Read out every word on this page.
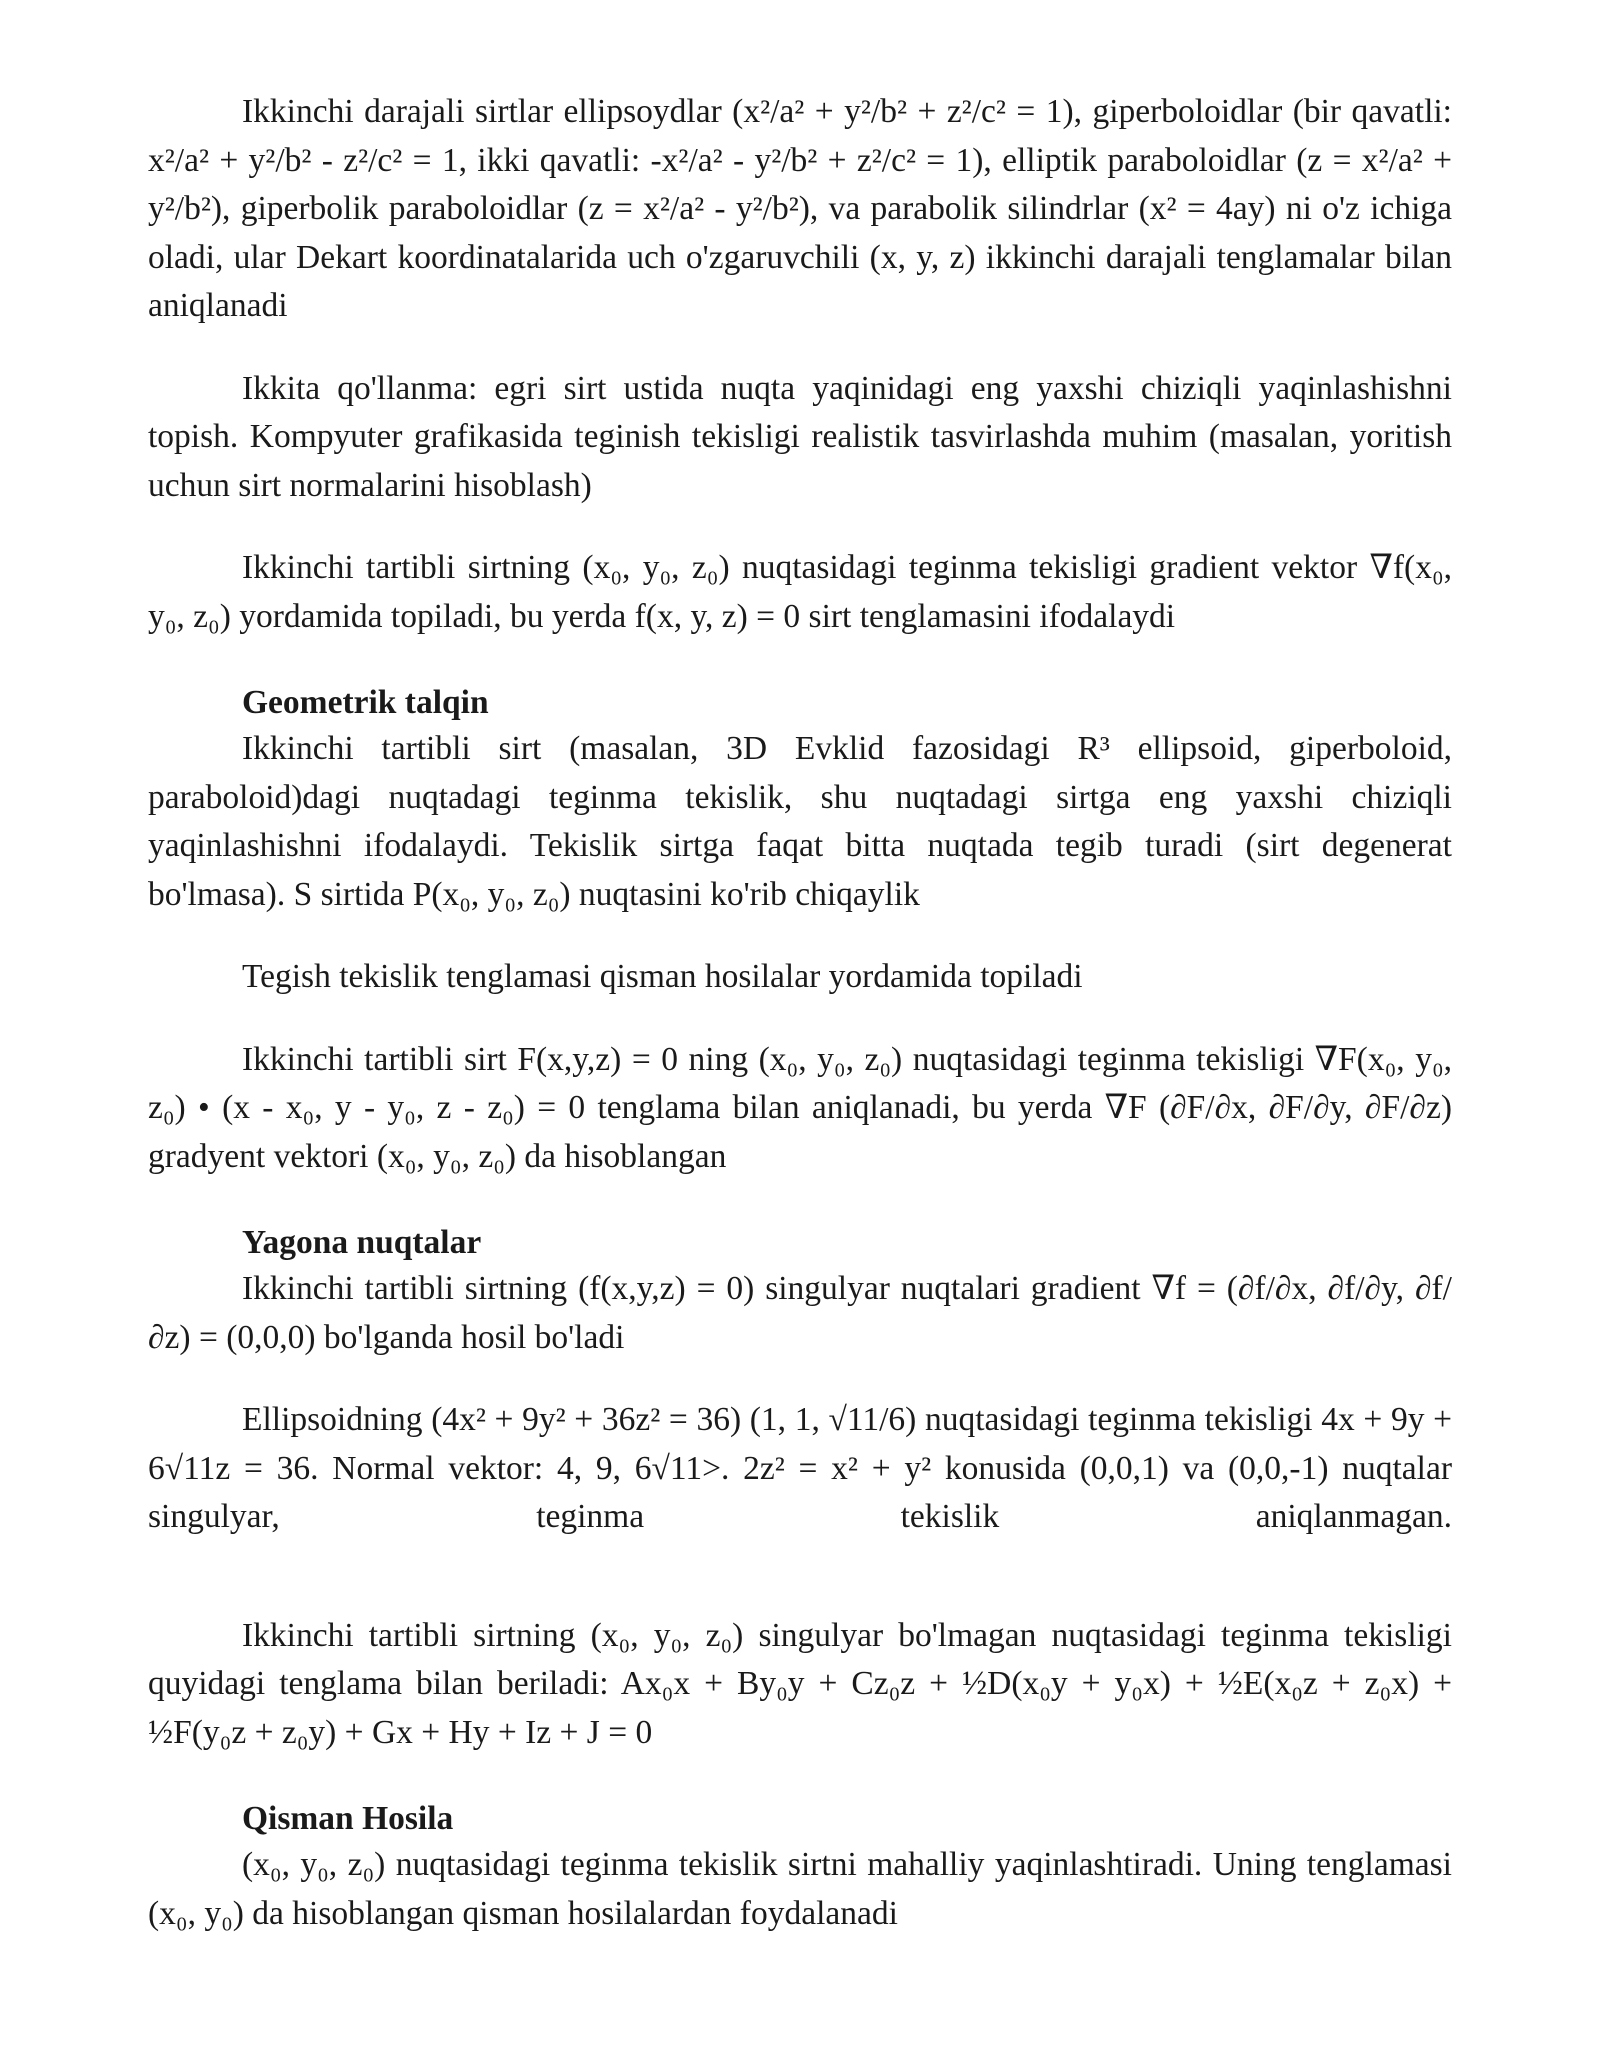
Ikkinchi darajali sirtlar ellipsoydlar (x²/a² + y²/b² + z²/c² = 1), giperboloidlar (bir qavatli: x²/a² + y²/b² - z²/c² = 1, ikki qavatli: -x²/a² - y²/b² + z²/c² = 1), elliptik paraboloidlar (z = x²/a² + y²/b²), giperbolik paraboloidlar (z = x²/a² - y²/b²), va parabolik silindrlar (x² = 4ay) ni o'z ichiga oladi, ular Dekart koordinatalarida uch o'zgaruvchili (x, y, z) ikkinchi darajali tenglamalar bilan aniqlanadi

Ikkita qo'llanma: egri sirt ustida nuqta yaqinidagi eng yaxshi chiziqli yaqinlashishni topish. Kompyuter grafikasida teginish tekisligi realistik tasvirlashda muhim (masalan, yoritish uchun sirt normalarini hisoblash)

Ikkinchi tartibli sirtning (x₀, y₀, z₀) nuqtasidagi teginma tekisligi gradient vektor ∇f(x₀, y₀, z₀) yordamida topiladi, bu yerda f(x, y, z) = 0 sirt tenglamasini ifodalaydi

Geometrik talqin

Ikkinchi tartibli sirt (masalan, 3D Evklid fazosidagi R³ ellipsoid, giperboloid, paraboloid)dagi nuqtadagi teginma tekislik, shu nuqtadagi sirtga eng yaxshi chiziqli yaqinlashishni ifodalaydi. Tekislik sirtga faqat bitta nuqtada tegib turadi (sirt degenerat bo'lmasa). S sirtida P(x₀, y₀, z₀) nuqtasini ko'rib chiqaylik

Tegish tekislik tenglamasi qisman hosilalar yordamida topiladi

Ikkinchi tartibli sirt F(x,y,z) = 0 ning (x₀, y₀, z₀) nuqtasidagi teginma tekisligi ∇F(x₀, y₀, z₀) • (x - x₀, y - y₀, z - z₀) = 0 tenglama bilan aniqlanadi, bu yerda ∇F (∂F/∂x, ∂F/∂y, ∂F/∂z) gradyent vektori (x₀, y₀, z₀) da hisoblangan

Yagona nuqtalar

Ikkinchi tartibli sirtning (f(x,y,z) = 0) singulyar nuqtalari gradient ∇f = (∂f/∂x, ∂f/∂y, ∂f/∂z) = (0,0,0) bo'lganda hosil bo'ladi

Ellipsoidning (4x² + 9y² + 36z² = 36) (1, 1, √11/6) nuqtasidagi teginma tekisligi 4x + 9y + 6√11z = 36. Normal vektor: 4, 9, 6√11>. 2z² = x² + y² konusida (0,0,1) va (0,0,-1) nuqtalar singulyar, teginma tekislik aniqlanmagan.

Ikkinchi tartibli sirtning (x₀, y₀, z₀) singulyar bo'lmagan nuqtasidagi teginma tekisligi quyidagi tenglama bilan beriladi: Ax₀x + By₀y + Cz₀z + ½D(x₀y + y₀x) + ½E(x₀z + z₀x) + ½F(y₀z + z₀y) + Gx + Hy + Iz + J = 0

Qisman Hosila

(x₀, y₀, z₀) nuqtasidagi teginma tekislik sirtni mahalliy yaqinlashtiradi. Uning tenglamasi (x₀, y₀) da hisoblangan qisman hosilalardan foydalanadi
